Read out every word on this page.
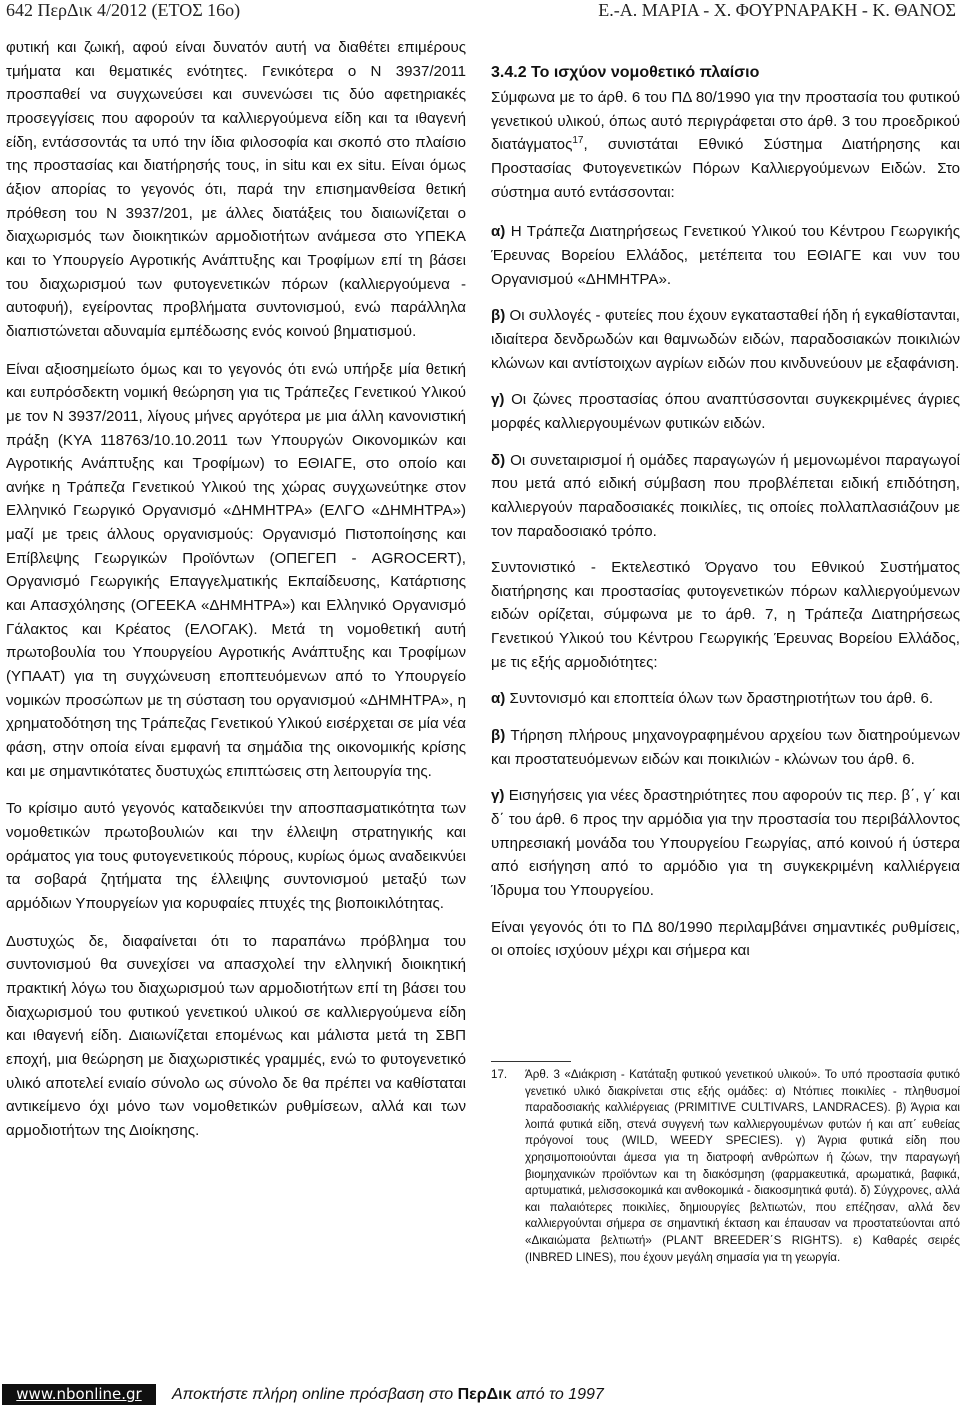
642 ΠερΔικ 4/2012 (ΕΤΟΣ 16ο)	Ε.-Α. ΜΑΡΙΑ - Χ. ΦΟΥΡΝΑΡΑΚΗ - Κ. ΘΑΝΟΣ

φυτική και ζωική, αφού είναι δυνατόν αυτή να διαθέτει επιμέρους τμήματα και θεματικές ενότητες. Γενικότερα ο Ν 3937/2011 προσπαθεί να συγχωνεύσει και συνενώσει τις δύο αφετηριακές προσεγγίσεις που αφορούν τα καλλιεργούμενα είδη και τα ιθαγενή είδη, εντάσσοντάς τα υπό την ίδια φιλοσοφία και σκοπό στο πλαίσιο της προστασίας και διατήρησής τους, in situ και ex situ. Είναι όμως άξιον απορίας το γεγονός ότι, παρά την επισημανθείσα θετική πρόθεση του Ν 3937/201, με άλλες διατάξεις του διαιωνίζεται ο διαχωρισμός των διοικητικών αρμοδιοτήτων ανάμεσα στο ΥΠΕΚΑ και το Υπουργείο Αγροτικής Ανάπτυξης και Τροφίμων επί τη βάσει του διαχωρισμού των φυτογενετικών πόρων (καλλιεργούμενα - αυτοφυή), εγείροντας προβλήματα συντονισμού, ενώ παράλληλα διαπιστώνεται αδυναμία εμπέδωσης ενός κοινού βηματισμού.

Είναι αξιοσημείωτο όμως και το γεγονός ότι ενώ υπήρξε μία θετική και ευπρόσδεκτη νομική θεώρηση για τις Τράπεζες Γενετικού Υλικού με τον Ν 3937/2011, λίγους μήνες αργότερα με μια άλλη κανονιστική πράξη (ΚΥΑ 118763/10.10.2011 των Υπουργών Οικονομικών και Αγροτικής Ανάπτυξης και Τροφίμων) το ΕΘΙΑΓΕ, στο οποίο και ανήκε η Τράπεζα Γενετικού Υλικού της χώρας συγχωνεύτηκε στον Ελληνικό Γεωργικό Οργανισμό «ΔΗΜΗΤΡΑ» (ΕΛΓΟ «ΔΗΜΗΤΡΑ») μαζί με τρεις άλλους οργανισμούς: Οργανισμό Πιστοποίησης και Επίβλεψης Γεωργικών Προϊόντων (ΟΠΕΓΕΠ - AGROCERT), Οργανισμό Γεωργικής Επαγγελματικής Εκπαίδευσης, Κατάρτισης και Απασχόλησης (ΟΓΕΕΚΑ «ΔΗΜΗΤΡΑ») και Ελληνικό Οργανισμό Γάλακτος και Κρέατος (ΕΛΟΓΑΚ). Μετά τη νομοθετική αυτή πρωτοβουλία του Υπουργείου Αγροτικής Ανάπτυξης και Τροφίμων (ΥΠΑΑΤ) για τη συγχώνευση εποπτευόμενων από το Υπουργείο νομικών προσώπων με τη σύσταση του οργανισμού «ΔΗΜΗΤΡΑ», η χρηματοδότηση της Τράπεζας Γενετικού Υλικού εισέρχεται σε μία νέα φάση, στην οποία είναι εμφανή τα σημάδια της οικονομικής κρίσης και με σημαντικότατες δυστυχώς επιπτώσεις στη λειτουργία της.

Το κρίσιμο αυτό γεγονός καταδεικνύει την αποσπασματικότητα των νομοθετικών πρωτοβουλιών και την έλλειψη στρατηγικής και οράματος για τους φυτογενετικούς πόρους, κυρίως όμως αναδεικνύει τα σοβαρά ζητήματα της έλλειψης συντονισμού μεταξύ των αρμόδιων Υπουργείων για κορυφαίες πτυχές της βιοποικιλότητας.

Δυστυχώς δε, διαφαίνεται ότι το παραπάνω πρόβλημα του συντονισμού θα συνεχίσει να απασχολεί την ελληνική διοικητική πρακτική λόγω του διαχωρισμού των αρμοδιοτήτων επί τη βάσει του διαχωρισμού του φυτικού γενετικού υλικού σε καλλιεργούμενα είδη και ιθαγενή είδη. Διαιωνίζεται επομένως και μάλιστα μετά τη ΣΒΠ εποχή, μια θεώρηση με διαχωριστικές γραμμές, ενώ το φυτογενετικό υλικό αποτελεί ενιαίο σύνολο ως σύνολο δε θα πρέπει να καθίσταται αντικείμενο όχι μόνο των νομοθετικών ρυθμίσεων, αλλά και των αρμοδιοτήτων της Διοίκησης.

3.4.2 Το ισχύον νομοθετικό πλαίσιο

Σύμφωνα με το άρθ. 6 του ΠΔ 80/1990 για την προστασία του φυτικού γενετικού υλικού, όπως αυτό περιγράφεται στο άρθ. 3 του προεδρικού διατάγματος$^{17}$, συνιστάται Εθνικό Σύστημα Διατήρησης και Προστασίας Φυτογενετικών Πόρων Καλλιεργούμενων Ειδών. Στο σύστημα αυτό εντάσσονται:

α) Η Τράπεζα Διατηρήσεως Γενετικού Υλικού του Κέντρου Γεωργικής Έρευνας Βορείου Ελλάδος, μετέπειτα του ΕΘΙΑΓΕ και νυν του Οργανισμού «ΔΗΜΗΤΡΑ».

β) Οι συλλογές - φυτείες που έχουν εγκατασταθεί ήδη ή εγκαθίστανται, ιδιαίτερα δενδρωδών και θαμνωδών ειδών, παραδοσιακών ποικιλιών κλώνων και αντίστοιχων αγρίων ειδών που κινδυνεύουν με εξαφάνιση.

γ) Οι ζώνες προστασίας όπου αναπτύσσονται συγκεκριμένες άγριες μορφές καλλιεργουμένων φυτικών ειδών.

δ) Οι συνεταιρισμοί ή ομάδες παραγωγών ή μεμονωμένοι παραγωγοί που μετά από ειδική σύμβαση που προβλέπεται ειδική επιδότηση, καλλιεργούν παραδοσιακές ποικιλίες, τις οποίες πολλαπλασιάζουν με τον παραδοσιακό τρόπο.

Συντονιστικό - Εκτελεστικό Όργανο του Εθνικού Συστήματος διατήρησης και προστασίας φυτογενετικών πόρων καλλιεργούμενων ειδών ορίζεται, σύμφωνα με το άρθ. 7, η Τράπεζα Διατηρήσεως Γενετικού Υλικού του Κέντρου Γεωργικής Έρευνας Βορείου Ελλάδος, με τις εξής αρμοδιότητες:

α) Συντονισμό και εποπτεία όλων των δραστηριοτήτων του άρθ. 6.

β) Τήρηση πλήρους μηχανογραφημένου αρχείου των διατηρούμενων και προστατευόμενων ειδών και ποικιλιών - κλώνων του άρθ. 6.

γ) Εισηγήσεις για νέες δραστηριότητες που αφορούν τις περ. β΄, γ΄ και δ΄ του άρθ. 6 προς την αρμόδια για την προστασία του περιβάλλοντος υπηρεσιακή μονάδα του Υπουργείου Γεωργίας, από κοινού ή ύστερα από εισήγηση από το αρμόδιο για τη συγκεκριμένη καλλιέργεια Ίδρυμα του Υπουργείου.

Είναι γεγονός ότι το ΠΔ 80/1990 περιλαμβάνει σημαντικές ρυθμίσεις, οι οποίες ισχύουν μέχρι και σήμερα και

17. Άρθ. 3 «Διάκριση - Κατάταξη φυτικού γενετικού υλικού». Το υπό προστασία φυτικό γενετικό υλικό διακρίνεται στις εξής ομάδες: α) Ντόπιες ποικιλίες - πληθυσμοί παραδοσιακής καλλιέργειας (PRIMITIVE CULTIVARS, LANDRACES). β) Άγρια και λοιπά φυτικά είδη, στενά συγγενή των καλλιεργουμένων φυτών ή και απ΄ ευθείας πρόγονοί τους (WILD, WEEDY SPECIES). γ) Άγρια φυτικά είδη που χρησιμοποιούνται άμεσα για τη διατροφή ανθρώπων ή ζώων, την παραγωγή βιομηχανικών προϊόντων και τη διακόσμηση (φαρμακευτικά, αρωματικά, βαφικά, αρτυματικά, μελισσοκομικά και ανθοκομικά - διακοσμητικά φυτά). δ) Σύγχρονες, αλλά και παλαιότερες ποικιλίες, δημιουργίες βελτιωτών, που επέζησαν, αλλά δεν καλλιεργούνται σήμερα σε σημαντική έκταση και έπαυσαν να προστατεύονται από «Δικαιώματα βελτιωτή» (PLANT BREEDER΄S RIGHTS). ε) Καθαρές σειρές (INBRED LINES), που έχουν μεγάλη σημασία για τη γεωργία.
www.nbonline.gr	Αποκτήστε πλήρη online πρόσβαση στο ΠερΔικ από το 1997
